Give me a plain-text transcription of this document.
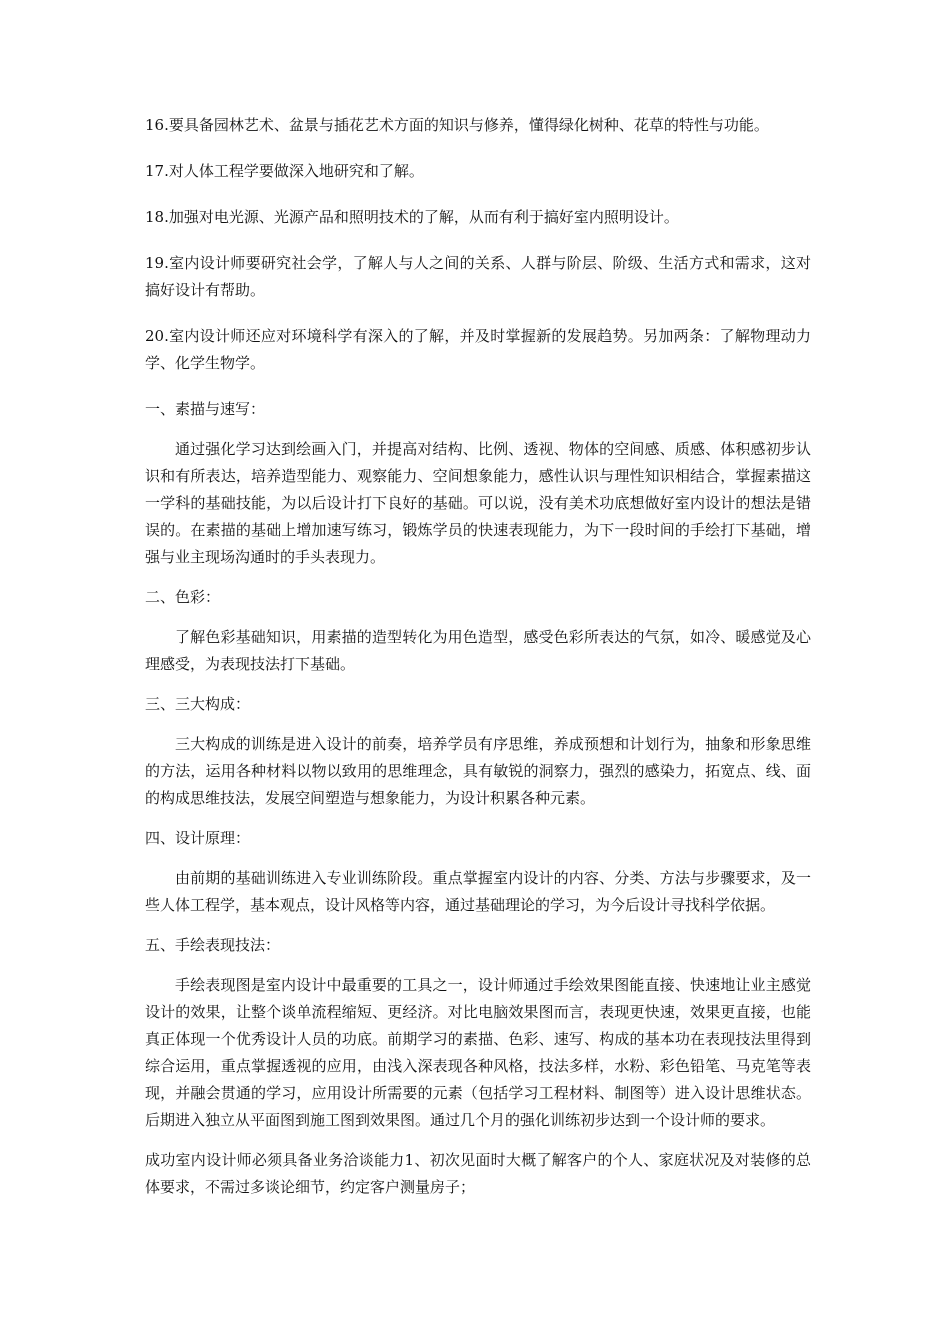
16.要具备园林艺术、盆景与插花艺术方面的知识与修养，懂得绿化树种、花草的特性与功能。

17.对人体工程学要做深入地研究和了解。

18.加强对电光源、光源产品和照明技术的了解，从而有利于搞好室内照明设计。

19.室内设计师要研究社会学，了解人与人之间的关系、人群与阶层、阶级、生活方式和需求，这对搞好设计有帮助。

20.室内设计师还应对环境科学有深入的了解，并及时掌握新的发展趋势。另加两条：了解物理动力学、化学生物学。

一、素描与速写：

通过强化学习达到绘画入门，并提高对结构、比例、透视、物体的空间感、质感、体积感初步认识和有所表达，培养造型能力、观察能力、空间想象能力，感性认识与理性知识相结合，掌握素描这一学科的基础技能，为以后设计打下良好的基础。可以说，没有美术功底想做好室内设计的想法是错误的。在素描的基础上增加速写练习，锻炼学员的快速表现能力，为下一段时间的手绘打下基础，增强与业主现场沟通时的手头表现力。

二、色彩：

了解色彩基础知识，用素描的造型转化为用色造型，感受色彩所表达的气氛，如冷、暖感觉及心理感受，为表现技法打下基础。

三、三大构成：

三大构成的训练是进入设计的前奏，培养学员有序思维，养成预想和计划行为，抽象和形象思维的方法，运用各种材料以物以致用的思维理念，具有敏锐的洞察力，强烈的感染力，拓宽点、线、面的构成思维技法，发展空间塑造与想象能力，为设计积累各种元素。

四、设计原理：

由前期的基础训练进入专业训练阶段。重点掌握室内设计的内容、分类、方法与步骤要求，及一些人体工程学，基本观点，设计风格等内容，通过基础理论的学习，为今后设计寻找科学依据。

五、手绘表现技法：

手绘表现图是室内设计中最重要的工具之一，设计师通过手绘效果图能直接、快速地让业主感觉设计的效果，让整个谈单流程缩短、更经济。对比电脑效果图而言，表现更快速，效果更直接，也能真正体现一个优秀设计人员的功底。前期学习的素描、色彩、速写、构成的基本功在表现技法里得到综合运用，重点掌握透视的应用，由浅入深表现各种风格，技法多样，水粉、彩色铅笔、马克笔等表现，并融会贯通的学习，应用设计所需要的元素（包括学习工程材料、制图等）进入设计思维状态。后期进入独立从平面图到施工图到效果图。通过几个月的强化训练初步达到一个设计师的要求。

成功室内设计师必须具备业务洽谈能力1、初次见面时大概了解客户的个人、家庭状况及对装修的总体要求，不需过多谈论细节，约定客户测量房子；
